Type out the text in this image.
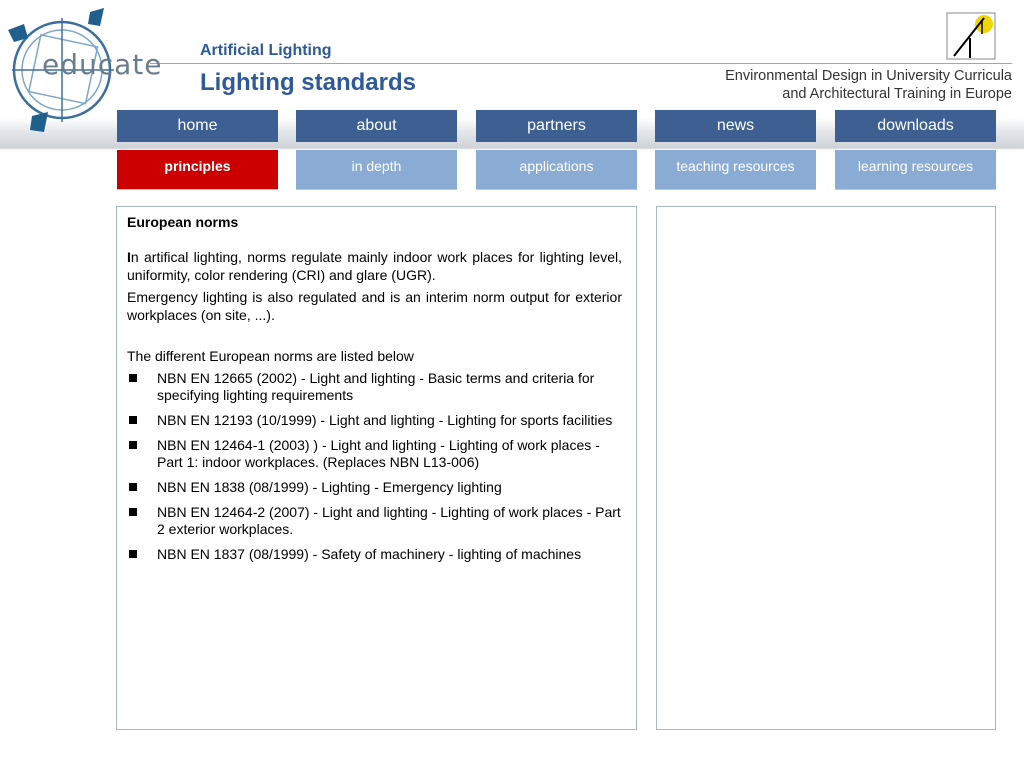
educate Artificial Lighting
Lighting standards	Environmental Design in University Curricula
and Architectural Training in Europe
home	about	partners	news	downloads
principles	in depth	applications	teaching resources	learning resources

European norms

In artifical lighting, norms regulate mainly indoor work places for lighting level, uniformity, color rendering (CRI) and glare (UGR).

Emergency lighting is also regulated and is an interim norm output for exterior workplaces (on site, ...).

The different European norms are listed below

NBN EN 12665 (2002) - Light and lighting - Basic terms and criteria for specifying lighting requirements
NBN EN 12193 (10/1999) - Light and lighting - Lighting for sports facilities
NBN EN 12464-1 (2003) ) - Light and lighting - Lighting of work places - Part 1: indoor workplaces. (Replaces NBN L13-006)
NBN EN 1838 (08/1999) - Lighting - Emergency lighting
NBN EN 12464-2 (2007) - Light and lighting - Lighting of work places - Part 2 exterior workplaces.
NBN EN 1837 (08/1999) - Safety of machinery - lighting of machines
